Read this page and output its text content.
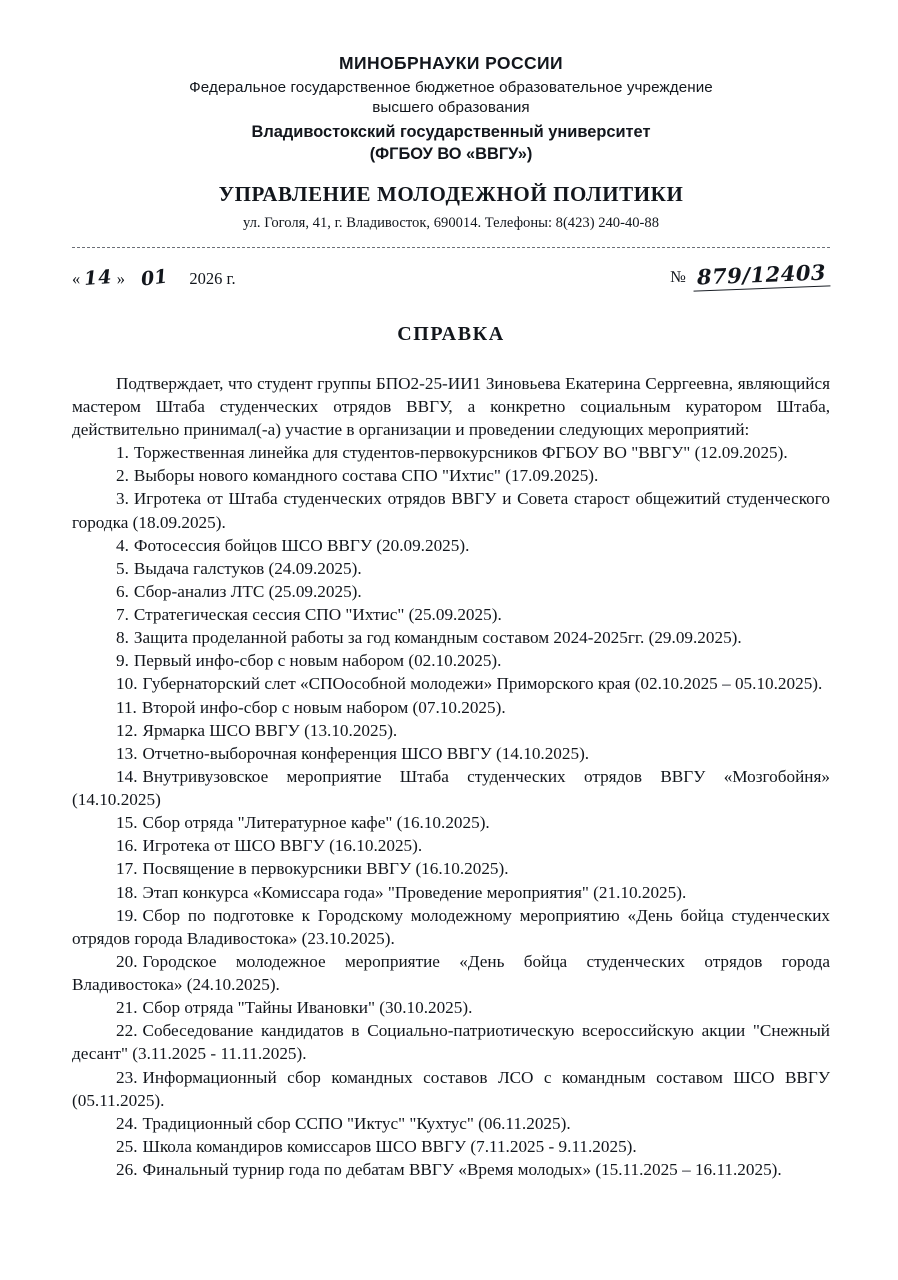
МИНОБРНАУКИ РОССИИ
Федеральное государственное бюджетное образовательное учреждение
высшего образования
Владивостокский государственный университет
(ФГБОУ ВО «ВВГУ»)
УПРАВЛЕНИЕ МОЛОДЕЖНОЙ ПОЛИТИКИ
ул. Гоголя, 41, г. Владивосток, 690014. Телефоны: 8(423) 240-40-88
« 14 » 01 2026 г.	№ 879/12403
СПРАВКА

Подтверждает, что студент группы БПО2-25-ИИ1 Зиновьева Екатерина Серргеевна, являющийся мастером Штаба студенческих отрядов ВВГУ, а конкретно социальным куратором Штаба, действительно принимал(-а) участие в организации и проведении следующих мероприятий:

1. Торжественная линейка для студентов-первокурсников ФГБОУ ВО "ВВГУ" (12.09.2025).
2. Выборы нового командного состава СПО "Ихтис" (17.09.2025).
3. Игротека от Штаба студенческих отрядов ВВГУ и Совета старост общежитий студенческого городка (18.09.2025).
4. Фотосессия бойцов ШСО ВВГУ (20.09.2025).
5. Выдача галстуков (24.09.2025).
6. Сбор-анализ ЛТС (25.09.2025).
7. Стратегическая сессия СПО "Ихтис" (25.09.2025).
8. Защита проделанной работы за год командным составом 2024-2025гг. (29.09.2025).
9. Первый инфо-сбор с новым набором (02.10.2025).
10. Губернаторский слет «СПОособной молодежи» Приморского края (02.10.2025 – 05.10.2025).
11. Второй инфо-сбор с новым набором (07.10.2025).
12. Ярмарка ШСО ВВГУ (13.10.2025).
13. Отчетно-выборочная конференция ШСО ВВГУ (14.10.2025).
14. Внутривузовское мероприятие Штаба студенческих отрядов ВВГУ «Мозгобойня» (14.10.2025)
15. Сбор отряда "Литературное кафе" (16.10.2025).
16. Игротека от ШСО ВВГУ (16.10.2025).
17. Посвящение в первокурсники ВВГУ (16.10.2025).
18. Этап конкурса «Комиссара года» "Проведение мероприятия" (21.10.2025).
19. Сбор по подготовке к Городскому молодежному мероприятию «День бойца студенческих отрядов города Владивостока» (23.10.2025).
20. Городское молодежное мероприятие «День бойца студенческих отрядов города Владивостока» (24.10.2025).
21. Сбор отряда "Тайны Ивановки" (30.10.2025).
22. Собеседование кандидатов в Социально-патриотическую всероссийскую акции "Снежный десант" (3.11.2025 - 11.11.2025).
23. Информационный сбор командных составов ЛСО с командным составом ШСО ВВГУ (05.11.2025).
24. Традиционный сбор ССПО "Иктус" "Кухтус" (06.11.2025).
25. Школа командиров комиссаров ШСО ВВГУ (7.11.2025 - 9.11.2025).
26. Финальный турнир года по дебатам ВВГУ «Время молодых» (15.11.2025 – 16.11.2025).
